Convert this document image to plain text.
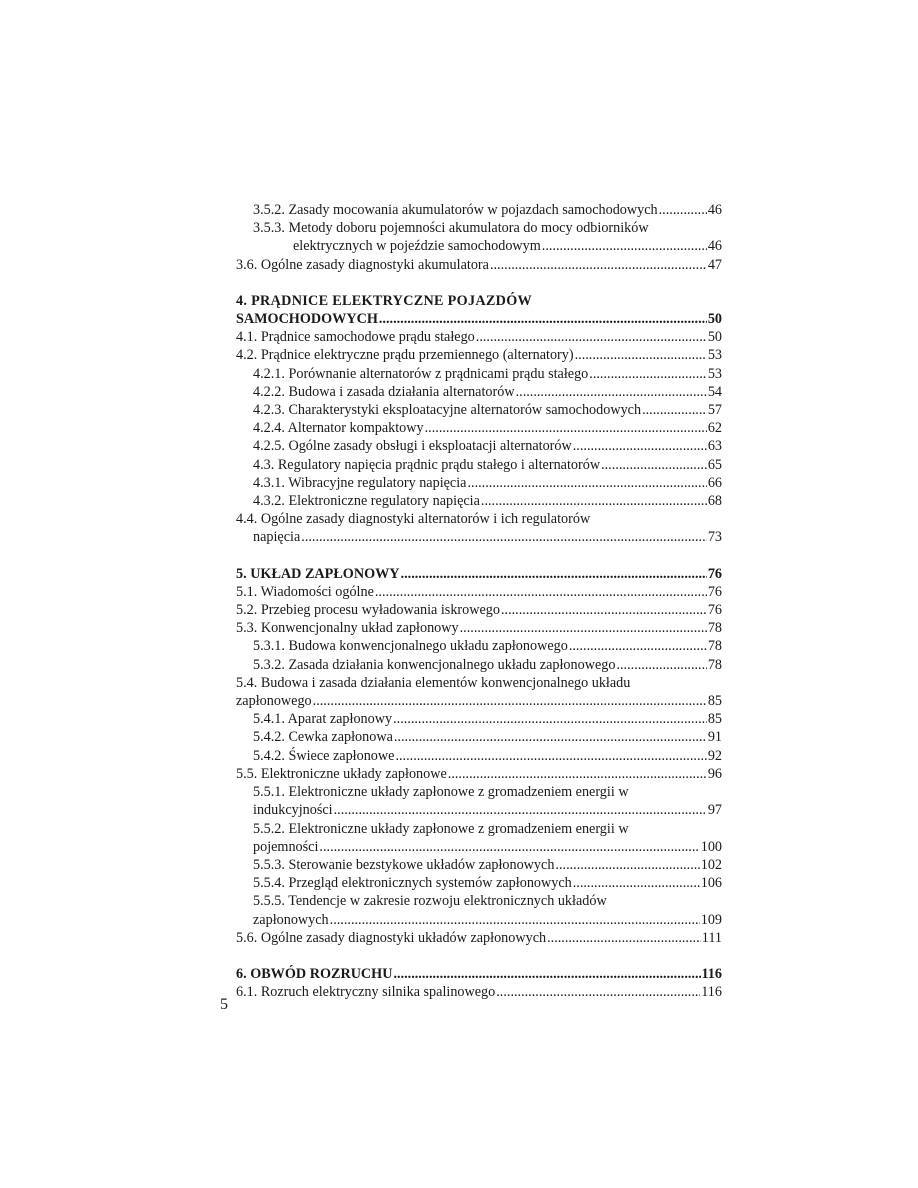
3.5.2. Zasady mocowania akumulatorów w pojazdach samochodowych .....	46
3.5.3. Metody doboru pojemności akumulatora do mocy odbiorników
elektrycznych w pojeździe samochodowym .....	46
3.6. Ogólne zasady diagnostyki akumulatora .....	47
4. PRĄDNICE ELEKTRYCZNE POJAZDÓW
SAMOCHODOWYCH .....	50
4.1. Prądnice samochodowe prądu stałego .....	50
4.2. Prądnice elektryczne prądu przemiennego (alternatory) .....	53
4.2.1. Porównanie alternatorów z prądnicami prądu stałego .....	53
4.2.2. Budowa i zasada działania alternatorów .....	54
4.2.3. Charakterystyki eksploatacyjne alternatorów samochodowych .....	57
4.2.4. Alternator kompaktowy .....	62
4.2.5. Ogólne zasady obsługi i eksploatacji alternatorów .....	63
4.3. Regulatory napięcia prądnic prądu stałego i alternatorów .....	65
4.3.1. Wibracyjne regulatory napięcia .....	66
4.3.2. Elektroniczne regulatory napięcia .....	68
4.4. Ogólne zasady diagnostyki alternatorów i ich regulatorów
napięcia .....	73
5. UKŁAD ZAPŁONOWY .....	76
5.1. Wiadomości ogólne .....	76
5.2. Przebieg procesu wyładowania iskrowego .....	76
5.3. Konwencjonalny układ zapłonowy .....	78
5.3.1. Budowa konwencjonalnego układu zapłonowego .....	78
5.3.2. Zasada działania konwencjonalnego układu zapłonowego .....	78
5.4. Budowa i zasada działania elementów konwencjonalnego układu
zapłonowego .....	85
5.4.1. Aparat zapłonowy .....	85
5.4.2. Cewka zapłonowa .....	91
5.4.2. Świece zapłonowe .....	92
5.5. Elektroniczne układy zapłonowe .....	96
5.5.1. Elektroniczne układy zapłonowe z gromadzeniem energii w
indukcyjności .....	97
5.5.2. Elektroniczne układy zapłonowe z gromadzeniem energii w
pojemności .....	100
5.5.3. Sterowanie bezstykowe układów zapłonowych .....	102
5.5.4. Przegląd elektronicznych systemów zapłonowych .....	106
5.5.5. Tendencje w zakresie rozwoju elektronicznych układów
zapłonowych .....	109
5.6. Ogólne zasady diagnostyki układów zapłonowych .....	111
6. OBWÓD ROZRUCHU .....	116
6.1. Rozruch elektryczny silnika spalinowego .....	116
5
